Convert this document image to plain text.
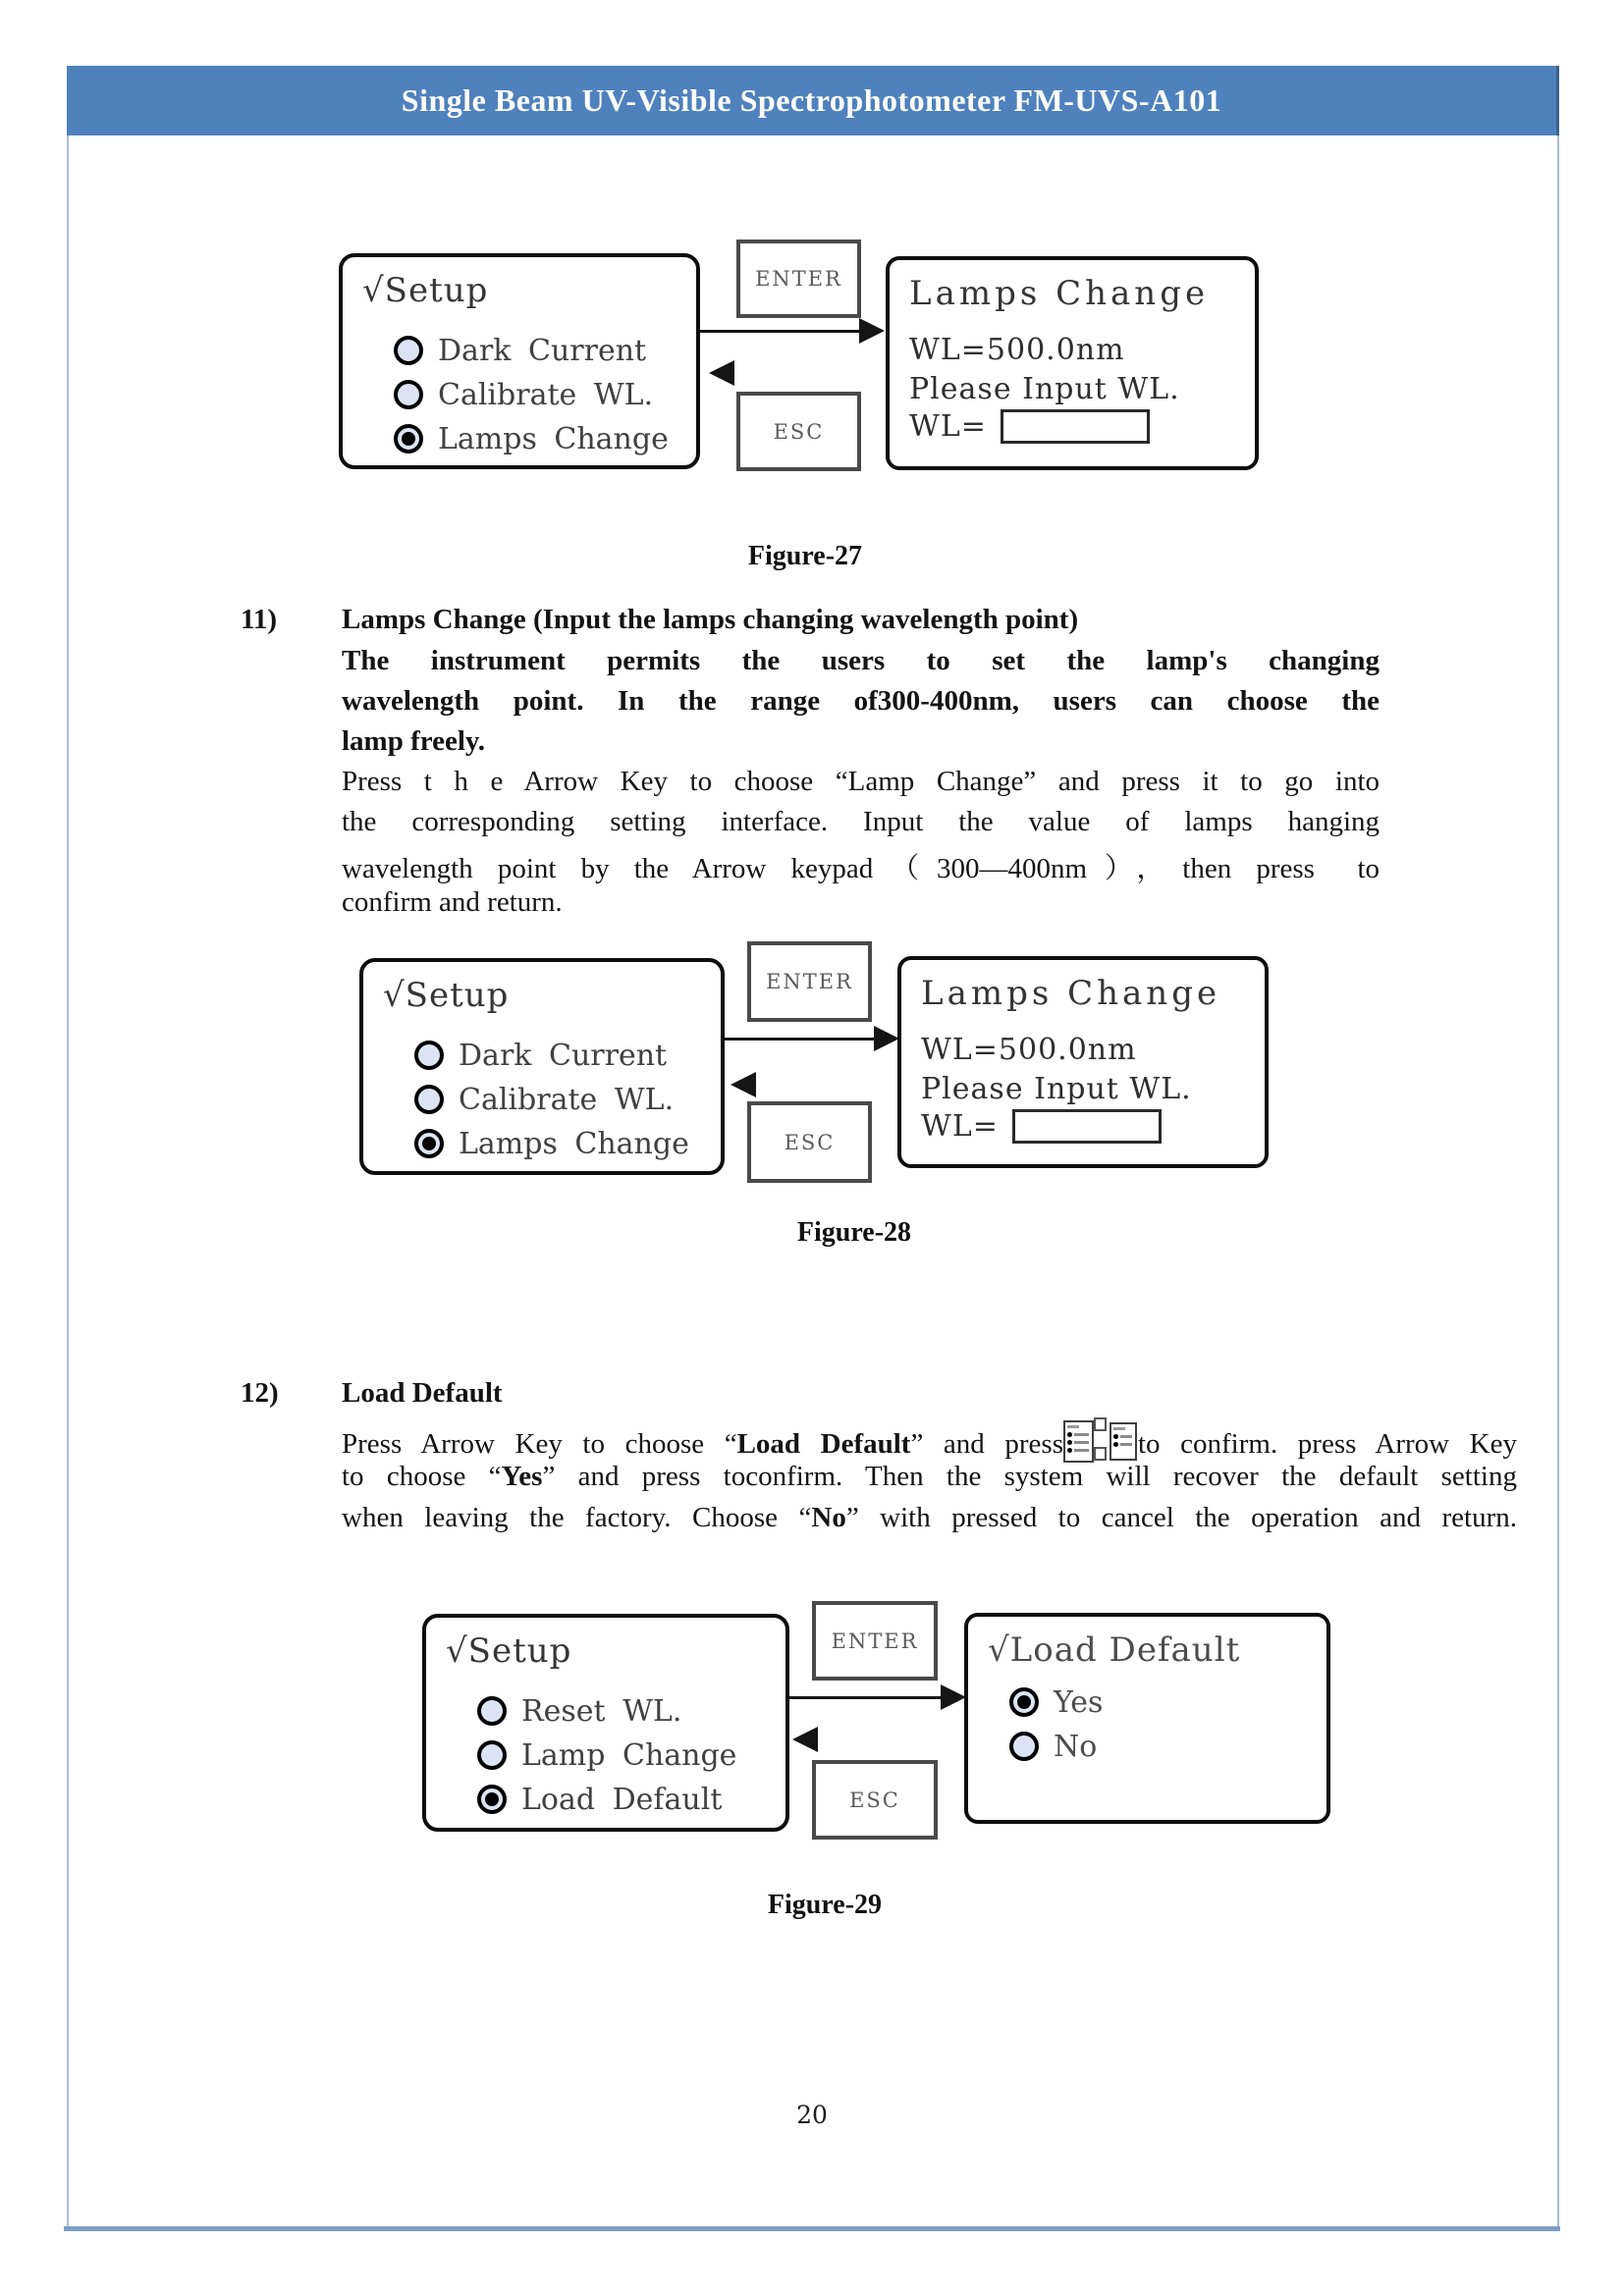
Single Beam UV-Visible Spectrophotometer FM-UVS-A101
√Setup
Dark Current
Calibrate WL.
Lamps Change
ENTER
ESC
Lamps Change
WL=500.0nm
Please Input WL.
WL=
Figure-27
11) Lamps Change (Input the lamps changing wavelength point)
The instrument permits the users to set the lamp's changing
wavelength point. In the range of300-400nm, users can choose the
lamp freely.
Press t h e Arrow Key to choose “Lamp Change” and press it to go into
the corresponding setting interface. Input the value of lamps hanging
wavelength point by the Arrow keypad（300—400nm），then press  to
confirm and return.
√Setup
Dark Current
Calibrate WL.
Lamps Change
ENTER
ESC
Lamps Change
WL=500.0nm
Please Input WL.
WL=
Figure-28
12) Load Default
Press Arrow Key to choose “Load Default” and press	to confirm. press Arrow Key
to choose “Yes” and press toconfirm. Then the system will recover the default setting
when leaving the factory. Choose “No” with pressed to cancel the operation and return.
√Setup
Reset WL.
Lamp Change
Load Default
ENTER
ESC
√Load Default
Yes
No
Figure-29
20
